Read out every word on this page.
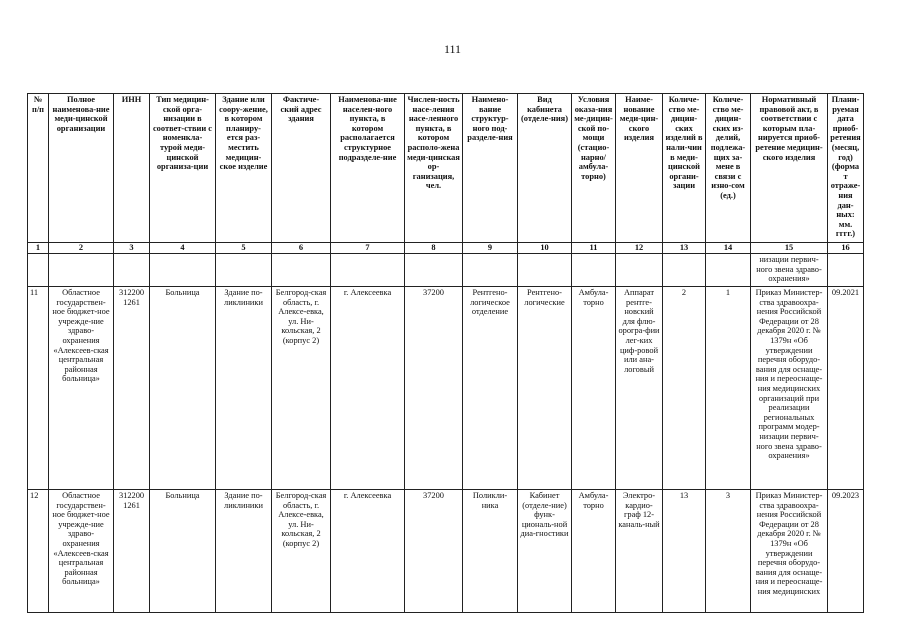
111
№ п/п	Полное наименова-ние меди-цинской организации	ИНН	Тип медицин-ской орга-низации в соответ-ствии с номенкла-турой меди-цинской организа-ции	Здание или соору-жение, в котором планиру-ется раз-местить медицин-ское изделие	Фактиче-ский адрес здания	Наименова-ние населен-ного пункта, в котором располагается структурное подразделе-ние	Числен-ность насе-ления насе-ленного пункта, в котором располо-жена меди-цинская ор-ганизация, чел.	Наимено-вание структур-ного под-разделе-ния	Вид кабинета (отделе-ния)	Условия оказа-ния ме-дицин-ской по-мощи (стацио-нарно/ амбула-торно)	Наиме-нование меди-цин-ского изделия	Количе-ство ме-дицин-ских изделий в нали-чии в меди-цинской органи-зации	Количе-ство ме-дицин-ских из-делий, подлежа-щих за-мене в связи с изно-сом (ед.)	Нормативный правовой акт, в соответствии с которым пла-нируется приоб-ретение медицин-ского изделия	Плани-руемая дата приоб-ретения (месяц, год) (формат отраже-ния дан-ных: мм. гггг.)
1	2	3	4	5	6	7	8	9	10	11	12	13	14	15	16
														низации первич-ного звена здраво-охранения»	
11	Областное государствен-ное бюджет-ное учрежде-ние здраво-охранения «Алексеев-ская центральная районная больница»	312200 1261	Больница	Здание по-ликлиники	Белгород-ская область, г. Алексе-евка, ул. Ни-кольская, 2 (корпус 2)	г. Алексеевка	37200	Рентгено-логическое отделение	Рентгено-логические	Амбула-торно	Аппарат рентге-новский для флю-орогра-фии лег-ких циф-ровой или ана-логовый	2	1	Приказ Министер-ства здравоохра-нения Российской Федерации от 28 декабря 2020 г. № 1379н «Об утверждении перечня оборудо-вания для оснаще-ния и переоснаще-ния медицинских организаций при реализации региональных программ модер-низации первич-ного звена здраво-охранения»	09.2021
12	Областное государствен-ное бюджет-ное учрежде-ние здраво-охранения «Алексеев-ская центральная районная больница»	312200 1261	Больница	Здание по-ликлиники	Белгород-ская область, г. Алексе-евка, ул. Ни-кольская, 2 (корпус 2)	г. Алексеевка	37200	Поликли-ника	Кабинет (отделе-ние) функ-циональ-ной диа-гностики	Амбула-торно	Электро-кардио-граф 12-каналь-ный	13	3	Приказ Министер-ства здравоохра-нения Российской Федерации от 28 декабря 2020 г. № 1379н «Об утверждении перечня оборудо-вания для оснаще-ния и переоснаще-ния медицинских	09.2023
